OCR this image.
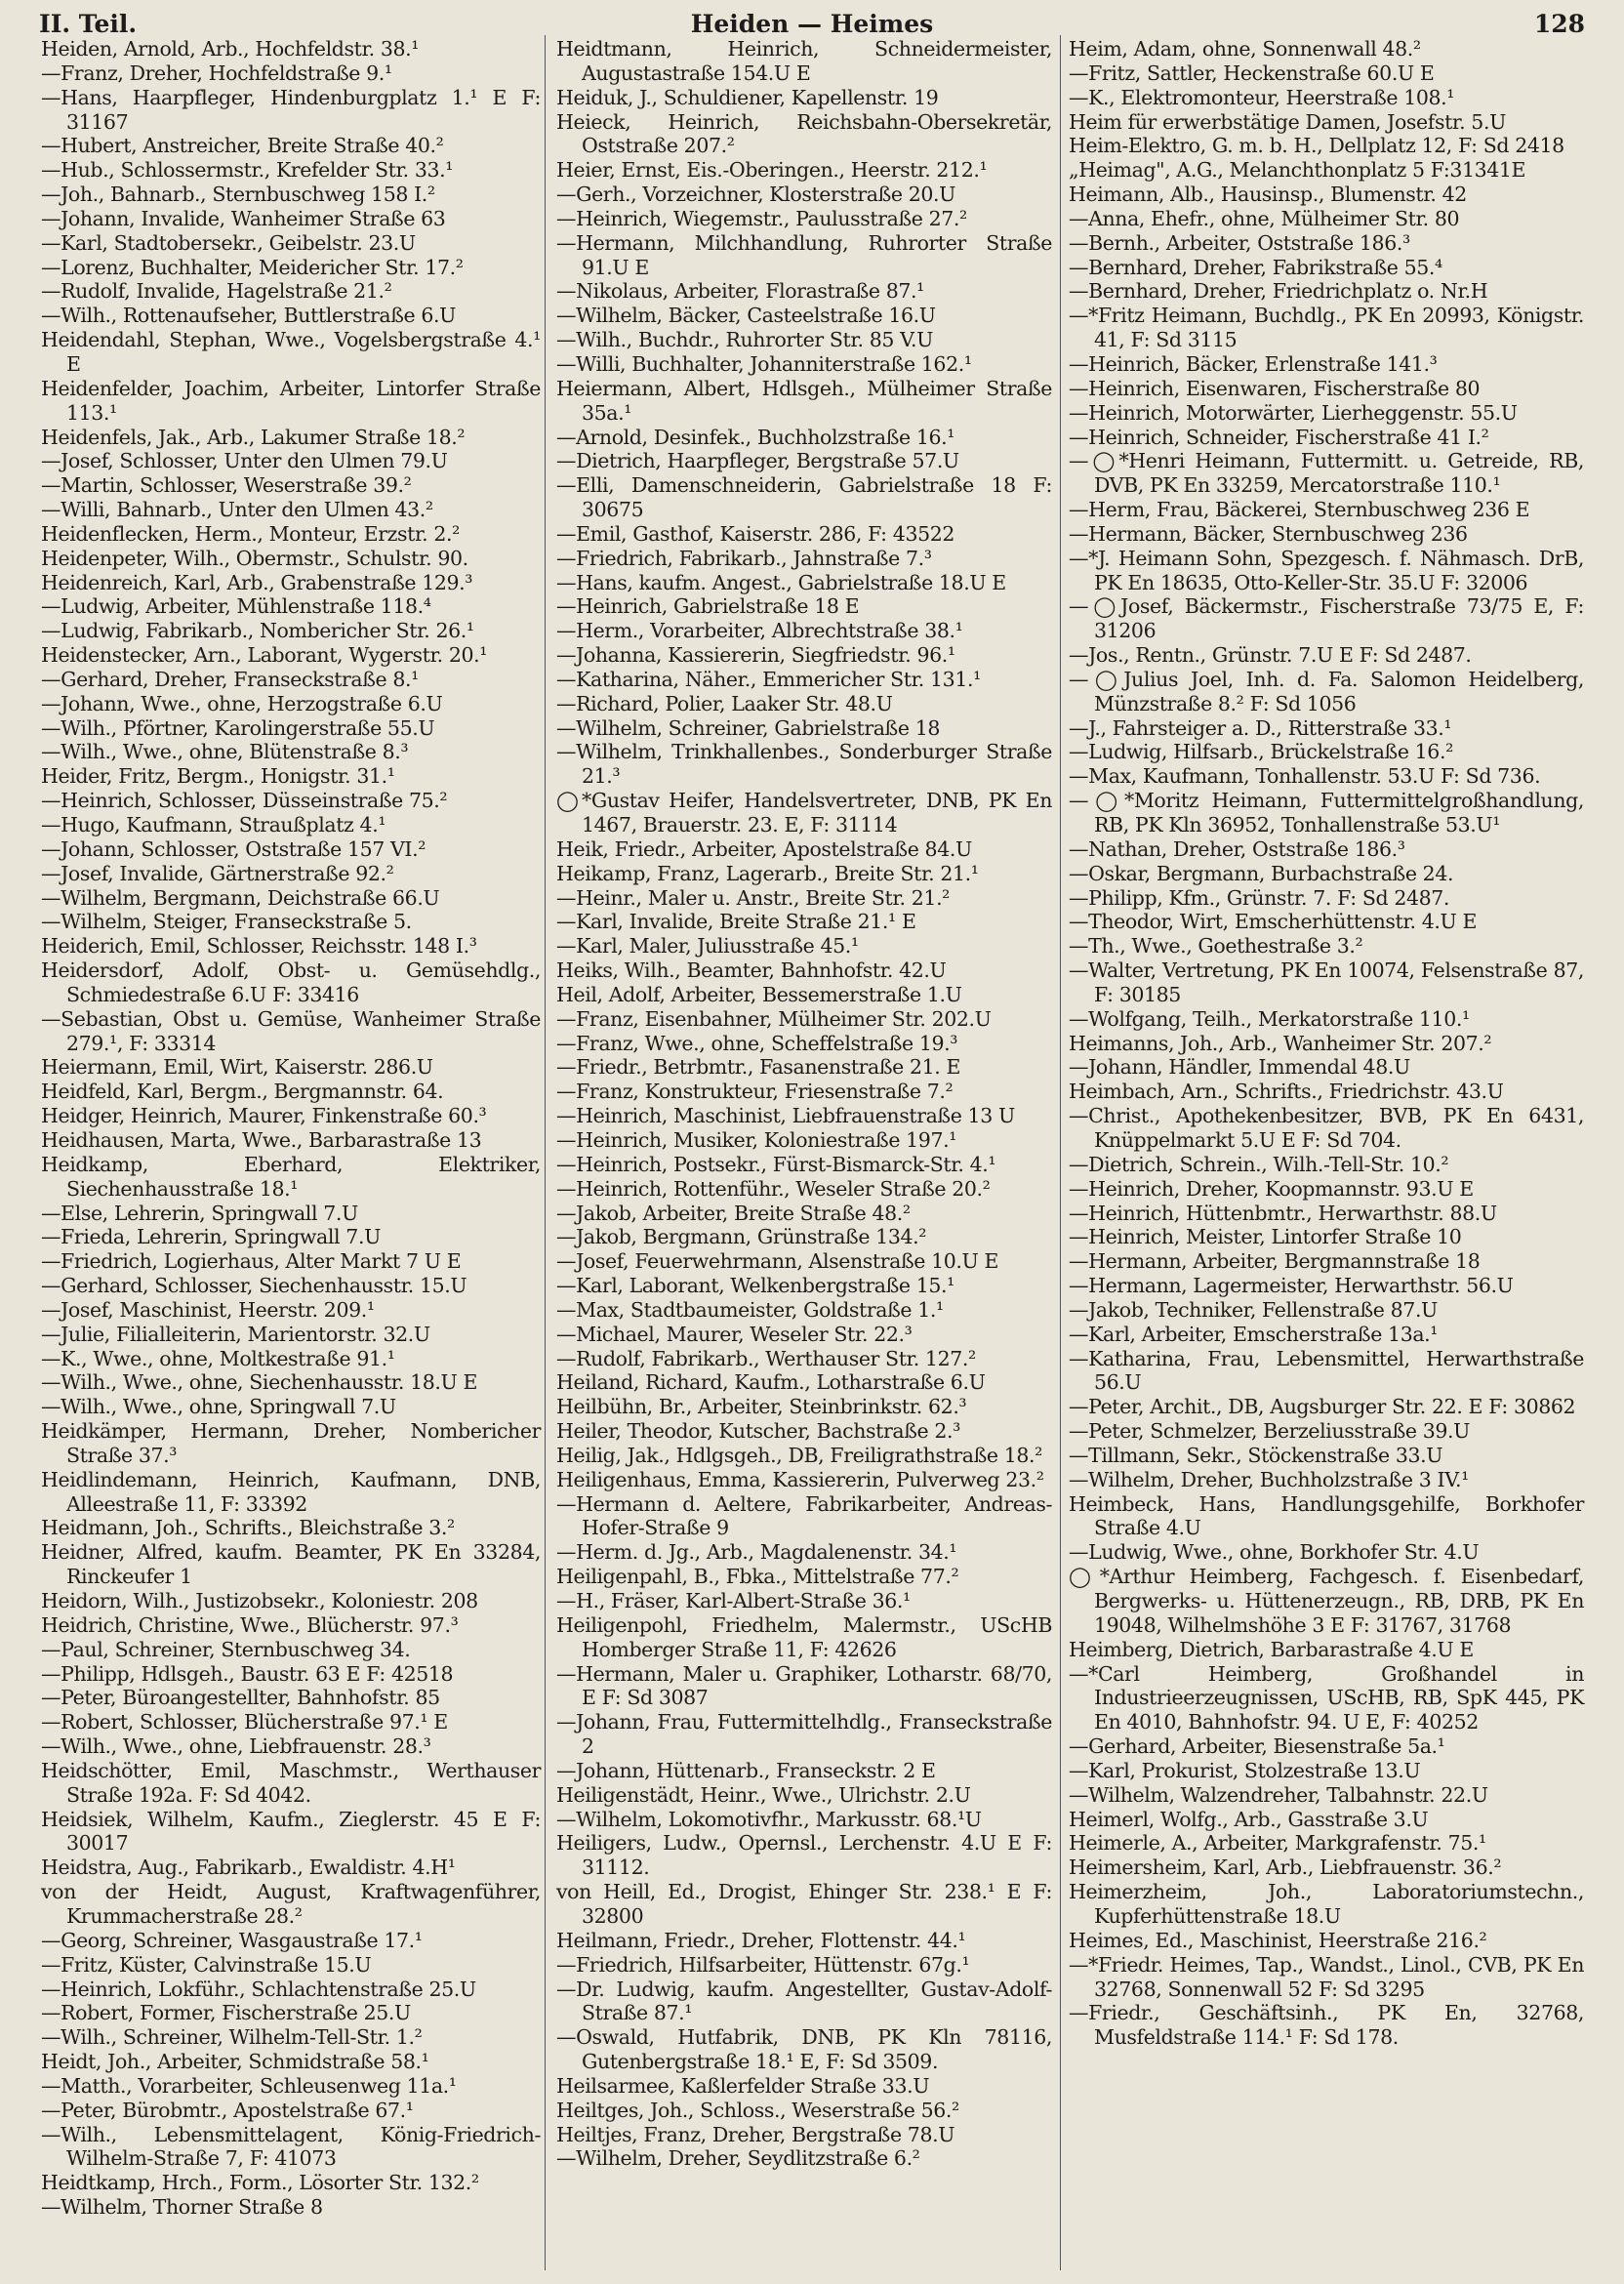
II. Teil.	Heiden — Heimes	128
Heiden, Arnold, Arb., Hochfeldstr. 38.¹
—Franz, Dreher, Hochfeldstraße 9.¹
—Hans, Haarpfleger, Hindenburgplatz 1.¹ E F: 31167
—Hubert, Anstreicher, Breite Straße 40.²
—Hub., Schlossermstr., Krefelder Str. 33.¹
—Joh., Bahnarb., Sternbuschweg 158 I.²
—Johann, Invalide, Wanheimer Straße 63
—Karl, Stadtobersekr., Geibelstr. 23.U
—Lorenz, Buchhalter, Meidericher Str. 17.²
—Rudolf, Invalide, Hagelstraße 21.²
—Wilh., Rottenaufseher, Buttlerstraße 6.U
Heidendahl, Stephan, Wwe., Vogelsbergstraße 4.¹ E
Heidenfelder, Joachim, Arbeiter, Lintorfer Straße 113.¹
Heidenfels, Jak., Arb., Lakumer Straße 18.²
—Josef, Schlosser, Unter den Ulmen 79.U
—Martin, Schlosser, Weserstraße 39.²
—Willi, Bahnarb., Unter den Ulmen 43.²
Heidenflecken, Herm., Monteur, Erzstr. 2.²
Heidenpeter, Wilh., Obermstr., Schulstr. 90.
Heidenreich, Karl, Arb., Grabenstraße 129.³
—Ludwig, Arbeiter, Mühlenstraße 118.⁴
—Ludwig, Fabrikarb., Nombericher Str. 26.¹
Heidenstecker, Arn., Laborant, Wygerstr. 20.¹
—Gerhard, Dreher, Franseckstraße 8.¹
—Johann, Wwe., ohne, Herzogstraße 6.U
—Wilh., Pförtner, Karolingerstraße 55.U
—Wilh., Wwe., ohne, Blütenstraße 8.³
Heider, Fritz, Bergm., Honigstr. 31.¹
—Heinrich, Schlosser, Düsseinstraße 75.²
—Hugo, Kaufmann, Straußplatz 4.¹
—Johann, Schlosser, Oststraße 157 VI.²
—Josef, Invalide, Gärtnerstraße 92.²
—Wilhelm, Bergmann, Deichstraße 66.U
—Wilhelm, Steiger, Franseckstraße 5.
Heiderich, Emil, Schlosser, Reichsstr. 148 I.³
Heidersdorf, Adolf, Obst- u. Gemüsehdlg., Schmiedestraße 6.U F: 33416
—Sebastian, Obst u. Gemüse, Wanheimer Straße 279.¹, F: 33314
Heiermann, Emil, Wirt, Kaiserstr. 286.U
Heidfeld, Karl, Bergm., Bergmannstr. 64.
Heidger, Heinrich, Maurer, Finkenstraße 60.³
Heidhausen, Marta, Wwe., Barbarastraße 13
Heidkamp, Eberhard, Elektriker, Siechenhausstraße 18.¹
—Else, Lehrerin, Springwall 7.U
—Frieda, Lehrerin, Springwall 7.U
—Friedrich, Logierhaus, Alter Markt 7 U E
—Gerhard, Schlosser, Siechenhausstr. 15.U
—Josef, Maschinist, Heerstr. 209.¹
—Julie, Filialleiterin, Marientorstr. 32.U
—K., Wwe., ohne, Moltkestraße 91.¹
—Wilh., Wwe., ohne, Siechenhausstr. 18.U E
—Wilh., Wwe., ohne, Springwall 7.U
Heidkämper, Hermann, Dreher, Nombericher Straße 37.³
Heidlindemann, Heinrich, Kaufmann, DNB, Alleestraße 11, F: 33392
Heidmann, Joh., Schrifts., Bleichstraße 3.²
Heidner, Alfred, kaufm. Beamter, PK En 33284, Rinckeufer 1
Heidorn, Wilh., Justizobsekr., Koloniestr. 208
Heidrich, Christine, Wwe., Blücherstr. 97.³
—Paul, Schreiner, Sternbuschweg 34.
—Philipp, Hdlsgeh., Baustr. 63 E F: 42518
—Peter, Büroangestellter, Bahnhofstr. 85
—Robert, Schlosser, Blücherstraße 97.¹ E
—Wilh., Wwe., ohne, Liebfrauenstr. 28.³
Heidschötter, Emil, Maschmstr., Werthauser Straße 192a. F: Sd 4042.
Heidsiek, Wilhelm, Kaufm., Zieglerstr. 45 E F: 30017
Heidstra, Aug., Fabrikarb., Ewaldistr. 4.H¹
von der Heidt, August, Kraftwagenführer, Krummacherstraße 28.²
—Georg, Schreiner, Wasgaustraße 17.¹
—Fritz, Küster, Calvinstraße 15.U
—Heinrich, Lokführ., Schlachtenstraße 25.U
—Robert, Former, Fischerstraße 25.U
—Wilh., Schreiner, Wilhelm-Tell-Str. 1.²
Heidt, Joh., Arbeiter, Schmidstraße 58.¹
—Matth., Vorarbeiter, Schleusenweg 11a.¹
—Peter, Bürobmtr., Apostelstraße 67.¹
—Wilh., Lebensmittelagent, König-Friedrich-Wilhelm-Straße 7, F: 41073
Heidtkamp, Hrch., Form., Lösorter Str. 132.²
—Wilhelm, Thorner Straße 8
Heidtmann, Heinrich, Schneidermeister, Augustastraße 154.U E
Heiduk, J., Schuldiener, Kapellenstr. 19
Heieck, Heinrich, Reichsbahn-Obersekretär, Oststraße 207.²
Heier, Ernst, Eis.-Oberingen., Heerstr. 212.¹
—Gerh., Vorzeichner, Klosterstraße 20.U
—Heinrich, Wiegemstr., Paulusstraße 27.²
—Hermann, Milchhandlung, Ruhrorter Straße 91.U E
—Nikolaus, Arbeiter, Florastraße 87.¹
—Wilhelm, Bäcker, Casteelstraße 16.U
—Wilh., Buchdr., Ruhrorter Str. 85 V.U
—Willi, Buchhalter, Johanniterstraße 162.¹
Heiermann, Albert, Hdlsgeh., Mülheimer Straße 35a.¹
—Arnold, Desinfek., Buchholzstraße 16.¹
—Dietrich, Haarpfleger, Bergstraße 57.U
—Elli, Damenschneiderin, Gabrielstraße 18 F: 30675
—Emil, Gasthof, Kaiserstr. 286, F: 43522
—Friedrich, Fabrikarb., Jahnstraße 7.³
—Hans, kaufm. Angest., Gabrielstraße 18.U E
—Heinrich, Gabrielstraße 18 E
—Herm., Vorarbeiter, Albrechtstraße 38.¹
—Johanna, Kassiererin, Siegfriedstr. 96.¹
—Katharina, Näher., Emmericher Str. 131.¹
—Richard, Polier, Laaker Str. 48.U
—Wilhelm, Schreiner, Gabrielstraße 18
—Wilhelm, Trinkhallenbes., Sonderburger Straße 21.³
◯*Gustav Heifer, Handelsvertreter, DNB, PK En 1467, Brauerstr. 23. E, F: 31114
Heik, Friedr., Arbeiter, Apostelstraße 84.U
Heikamp, Franz, Lagerarb., Breite Str. 21.¹
—Heinr., Maler u. Anstr., Breite Str. 21.²
—Karl, Invalide, Breite Straße 21.¹ E
—Karl, Maler, Juliusstraße 45.¹
Heiks, Wilh., Beamter, Bahnhofstr. 42.U
Heil, Adolf, Arbeiter, Bessemerstraße 1.U
—Franz, Eisenbahner, Mülheimer Str. 202.U
—Franz, Wwe., ohne, Scheffelstraße 19.³
—Friedr., Betrbmtr., Fasanenstraße 21. E
—Franz, Konstrukteur, Friesenstraße 7.²
—Heinrich, Maschinist, Liebfrauenstraße 13 U
—Heinrich, Musiker, Koloniestraße 197.¹
—Heinrich, Postsekr., Fürst-Bismarck-Str. 4.¹
—Heinrich, Rottenführ., Weseler Straße 20.²
—Jakob, Arbeiter, Breite Straße 48.²
—Jakob, Bergmann, Grünstraße 134.²
—Josef, Feuerwehrmann, Alsenstraße 10.U E
—Karl, Laborant, Welkenbergstraße 15.¹
—Max, Stadtbaumeister, Goldstraße 1.¹
—Michael, Maurer, Weseler Str. 22.³
—Rudolf, Fabrikarb., Werthauser Str. 127.²
Heiland, Richard, Kaufm., Lotharstraße 6.U
Heilbühn, Br., Arbeiter, Steinbrinkstr. 62.³
Heiler, Theodor, Kutscher, Bachstraße 2.³
Heilig, Jak., Hdlgsgeh., DB, Freiligrathstraße 18.²
Heiligenhaus, Emma, Kassiererin, Pulverweg 23.²
—Hermann d. Aeltere, Fabrikarbeiter, Andreas-Hofer-Straße 9
—Herm. d. Jg., Arb., Magdalenenstr. 34.¹
Heiligenpahl, B., Fbka., Mittelstraße 77.²
—H., Fräser, Karl-Albert-Straße 36.¹
Heiligenpohl, Friedhelm, Malermstr., UScHB Homberger Straße 11, F: 42626
—Hermann, Maler u. Graphiker, Lotharstr. 68/70, E F: Sd 3087
—Johann, Frau, Futtermittelhdlg., Franseckstraße 2
—Johann, Hüttenarb., Franseckstr. 2 E
Heiligenstädt, Heinr., Wwe., Ulrichstr. 2.U
—Wilhelm, Lokomotivfhr., Markusstr. 68.¹U
Heiligers, Ludw., Opernsl., Lerchenstr. 4.U E F: 31112.
von Heill, Ed., Drogist, Ehinger Str. 238.¹ E F: 32800
Heilmann, Friedr., Dreher, Flottenstr. 44.¹
—Friedrich, Hilfsarbeiter, Hüttenstr. 67g.¹
—Dr. Ludwig, kaufm. Angestellter, Gustav-Adolf-Straße 87.¹
—Oswald, Hutfabrik, DNB, PK Kln 78116, Gutenbergstraße 18.¹ E, F: Sd 3509.
Heilsarmee, Kaßlerfelder Straße 33.U
Heiltges, Joh., Schloss., Weserstraße 56.²
Heiltjes, Franz, Dreher, Bergstraße 78.U
—Wilhelm, Dreher, Seydlitzstraße 6.²
Heim, Adam, ohne, Sonnenwall 48.²
—Fritz, Sattler, Heckenstraße 60.U E
—K., Elektromonteur, Heerstraße 108.¹
Heim für erwerbstätige Damen, Josefstr. 5.U
Heim-Elektro, G. m. b. H., Dellplatz 12, F: Sd 2418
„Heimag", A.G., Melanchthonplatz 5 F:31341E
Heimann, Alb., Hausinsp., Blumenstr. 42
—Anna, Ehefr., ohne, Mülheimer Str. 80
—Bernh., Arbeiter, Oststraße 186.³
—Bernhard, Dreher, Fabrikstraße 55.⁴
—Bernhard, Dreher, Friedrichplatz o. Nr.H
—*Fritz Heimann, Buchdlg., PK En 20993, Königstr. 41, F: Sd 3115
—Heinrich, Bäcker, Erlenstraße 141.³
—Heinrich, Eisenwaren, Fischerstraße 80
—Heinrich, Motorwärter, Lierheggenstr. 55.U
—Heinrich, Schneider, Fischerstraße 41 I.²
—◯*Henri Heimann, Futtermitt. u. Getreide, RB, DVB, PK En 33259, Mercatorstraße 110.¹
—Herm, Frau, Bäckerei, Sternbuschweg 236 E
—Hermann, Bäcker, Sternbuschweg 236
—*J. Heimann Sohn, Spezgesch. f. Nähmasch. DrB, PK En 18635, Otto-Keller-Str. 35.U F: 32006
—◯Josef, Bäckermstr., Fischerstraße 73/75 E, F: 31206
—Jos., Rentn., Grünstr. 7.U E F: Sd 2487.
—◯Julius Joel, Inh. d. Fa. Salomon Heidelberg, Münzstraße 8.² F: Sd 1056
—J., Fahrsteiger a. D., Ritterstraße 33.¹
—Ludwig, Hilfsarb., Brückelstraße 16.²
—Max, Kaufmann, Tonhallenstr. 53.U F: Sd 736.
—◯*Moritz Heimann, Futtermittelgroßhandlung, RB, PK Kln 36952, Tonhallenstraße 53.U¹
—Nathan, Dreher, Oststraße 186.³
—Oskar, Bergmann, Burbachstraße 24.
—Philipp, Kfm., Grünstr. 7. F: Sd 2487.
—Theodor, Wirt, Emscherhüttenstr. 4.U E
—Th., Wwe., Goethestraße 3.²
—Walter, Vertretung, PK En 10074, Felsenstraße 87, F: 30185
—Wolfgang, Teilh., Merkatorstraße 110.¹
Heimanns, Joh., Arb., Wanheimer Str. 207.²
—Johann, Händler, Immendal 48.U
Heimbach, Arn., Schrifts., Friedrichstr. 43.U
—Christ., Apothekenbesitzer, BVB, PK En 6431, Knüppelmarkt 5.U E F: Sd 704.
—Dietrich, Schrein., Wilh.-Tell-Str. 10.²
—Heinrich, Dreher, Koopmannstr. 93.U E
—Heinrich, Hüttenbmtr., Herwarthstr. 88.U
—Heinrich, Meister, Lintorfer Straße 10
—Hermann, Arbeiter, Bergmannstraße 18
—Hermann, Lagermeister, Herwarthstr. 56.U
—Jakob, Techniker, Fellenstraße 87.U
—Karl, Arbeiter, Emscherstraße 13a.¹
—Katharina, Frau, Lebensmittel, Herwarthstraße 56.U
—Peter, Archit., DB, Augsburger Str. 22. E F: 30862
—Peter, Schmelzer, Berzeliusstraße 39.U
—Tillmann, Sekr., Stöckenstraße 33.U
—Wilhelm, Dreher, Buchholzstraße 3 IV.¹
Heimbeck, Hans, Handlungsgehilfe, Borkhofer Straße 4.U
—Ludwig, Wwe., ohne, Borkhofer Str. 4.U
◯*Arthur Heimberg, Fachgesch. f. Eisenbedarf, Bergwerks- u. Hüttenerzeugn., RB, DRB, PK En 19048, Wilhelmshöhe 3 E F: 31767, 31768
Heimberg, Dietrich, Barbarastraße 4.U E
—*Carl Heimberg, Großhandel in Industrieerzeugnissen, UScHB, RB, SpK 445, PK En 4010, Bahnhofstr. 94. U E, F: 40252
—Gerhard, Arbeiter, Biesenstraße 5a.¹
—Karl, Prokurist, Stolzestraße 13.U
—Wilhelm, Walzendreher, Talbahnstr. 22.U
Heimerl, Wolfg., Arb., Gasstraße 3.U
Heimerle, A., Arbeiter, Markgrafenstr. 75.¹
Heimersheim, Karl, Arb., Liebfrauenstr. 36.²
Heimerzheim, Joh., Laboratoriumstechn., Kupferhüttenstraße 18.U
Heimes, Ed., Maschinist, Heerstraße 216.²
—*Friedr. Heimes, Tap., Wandst., Linol., CVB, PK En 32768, Sonnenwall 52 F: Sd 3295
—Friedr., Geschäftsinh., PK En, 32768, Musfeldstraße 114.¹ F: Sd 178.
